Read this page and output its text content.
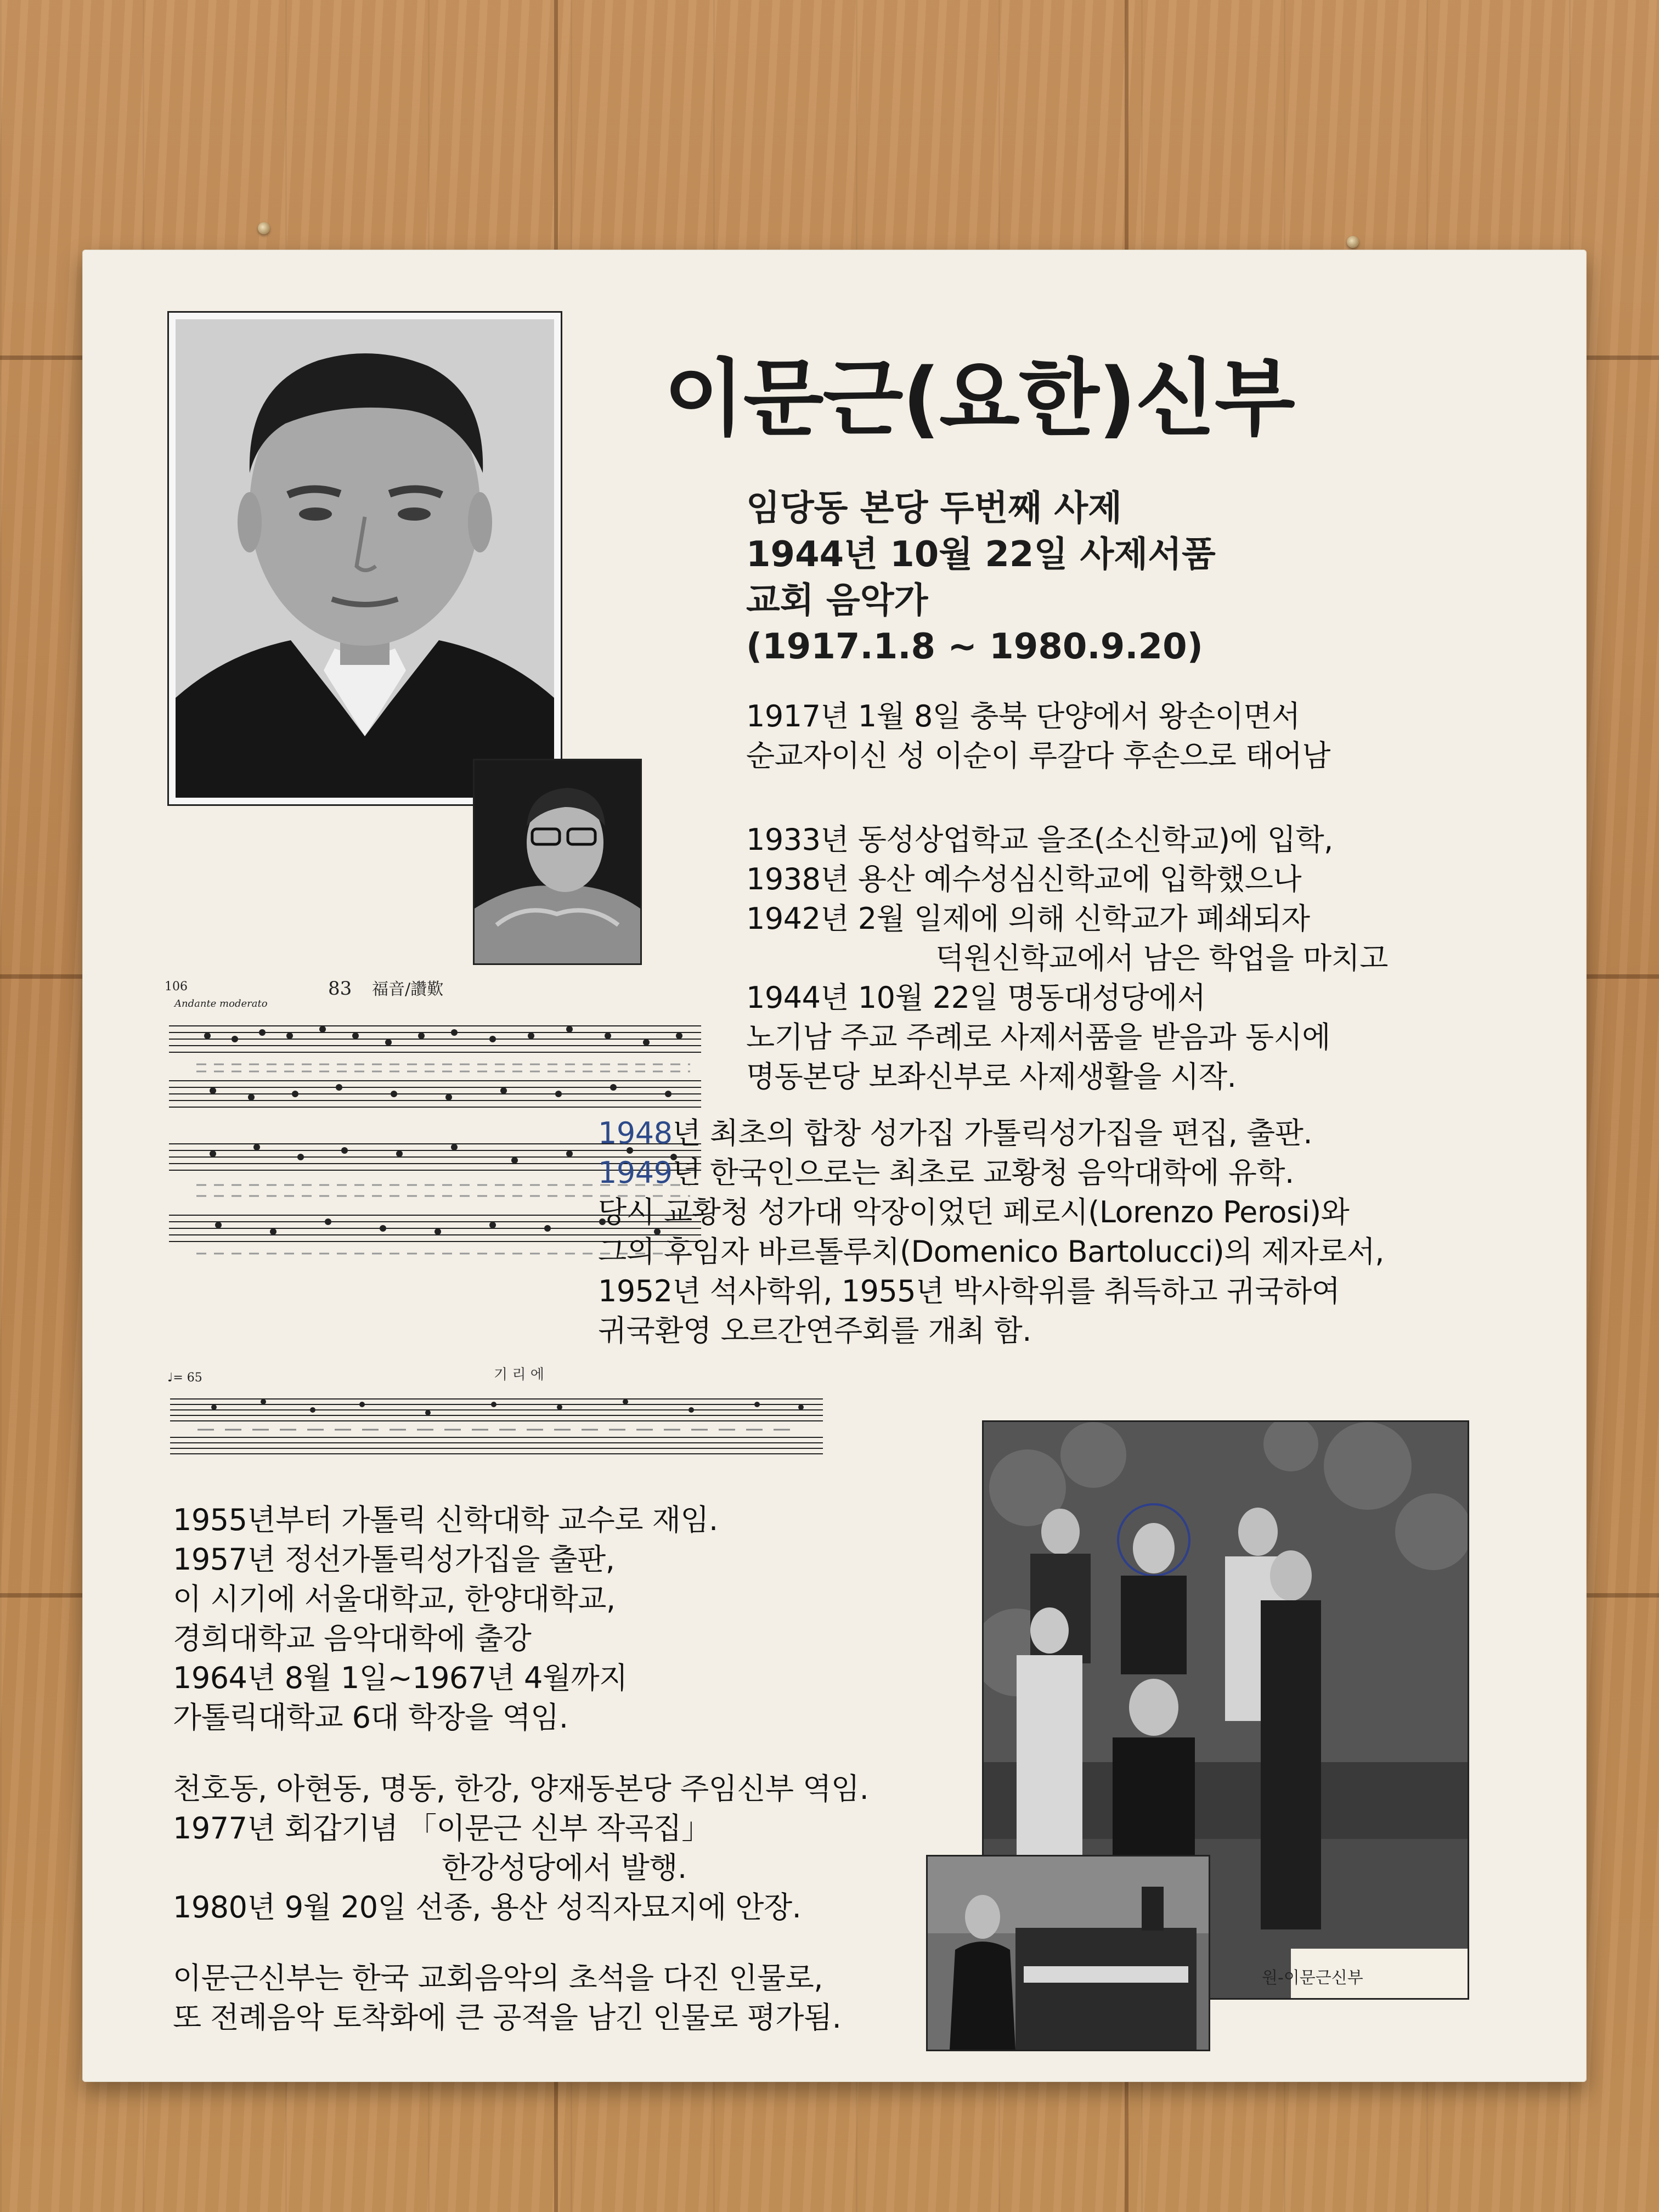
106	83 福音/讚歎
Andante moderato
♩= 65	기 리 에
원-이문근신부
이문근(요한)신부
임당동 본당 두번째 사제
1944년 10월 22일 사제서품
교회 음악가
(1917.1.8 ~ 1980.9.20)
1917년 1월 8일 충북 단양에서 왕손이면서
순교자이신 성 이순이 루갈다 후손으로 태어남
1933년 동성상업학교 을조(소신학교)에 입학,
1938년 용산 예수성심신학교에 입학했으나
1942년 2월 일제에 의해 신학교가 폐쇄되자
덕원신학교에서 남은 학업을 마치고
1944년 10월 22일 명동대성당에서
노기남 주교 주례로 사제서품을 받음과 동시에
명동본당 보좌신부로 사제생활을 시작.
1948년 최초의 합창 성가집 가톨릭성가집을 편집, 출판.
1949년 한국인으로는 최초로 교황청 음악대학에 유학.
당시 교황청 성가대 악장이었던 페로시(Lorenzo Perosi)와
그의 후임자 바르톨루치(Domenico Bartolucci)의 제자로서,
1952년 석사학위, 1955년 박사학위를 취득하고 귀국하여
귀국환영 오르간연주회를 개최 함.
1955년부터 가톨릭 신학대학 교수로 재임.
1957년 정선가톨릭성가집을 출판,
이 시기에 서울대학교, 한양대학교,
경희대학교 음악대학에 출강
1964년 8월 1일~1967년 4월까지
가톨릭대학교 6대 학장을 역임.
천호동, 아현동, 명동, 한강, 양재동본당 주임신부 역임.
1977년 회갑기념 「이문근 신부 작곡집」
한강성당에서 발행.
1980년 9월 20일 선종, 용산 성직자묘지에 안장.
이문근신부는 한국 교회음악의 초석을 다진 인물로,
또 전례음악 토착화에 큰 공적을 남긴 인물로 평가됨.
